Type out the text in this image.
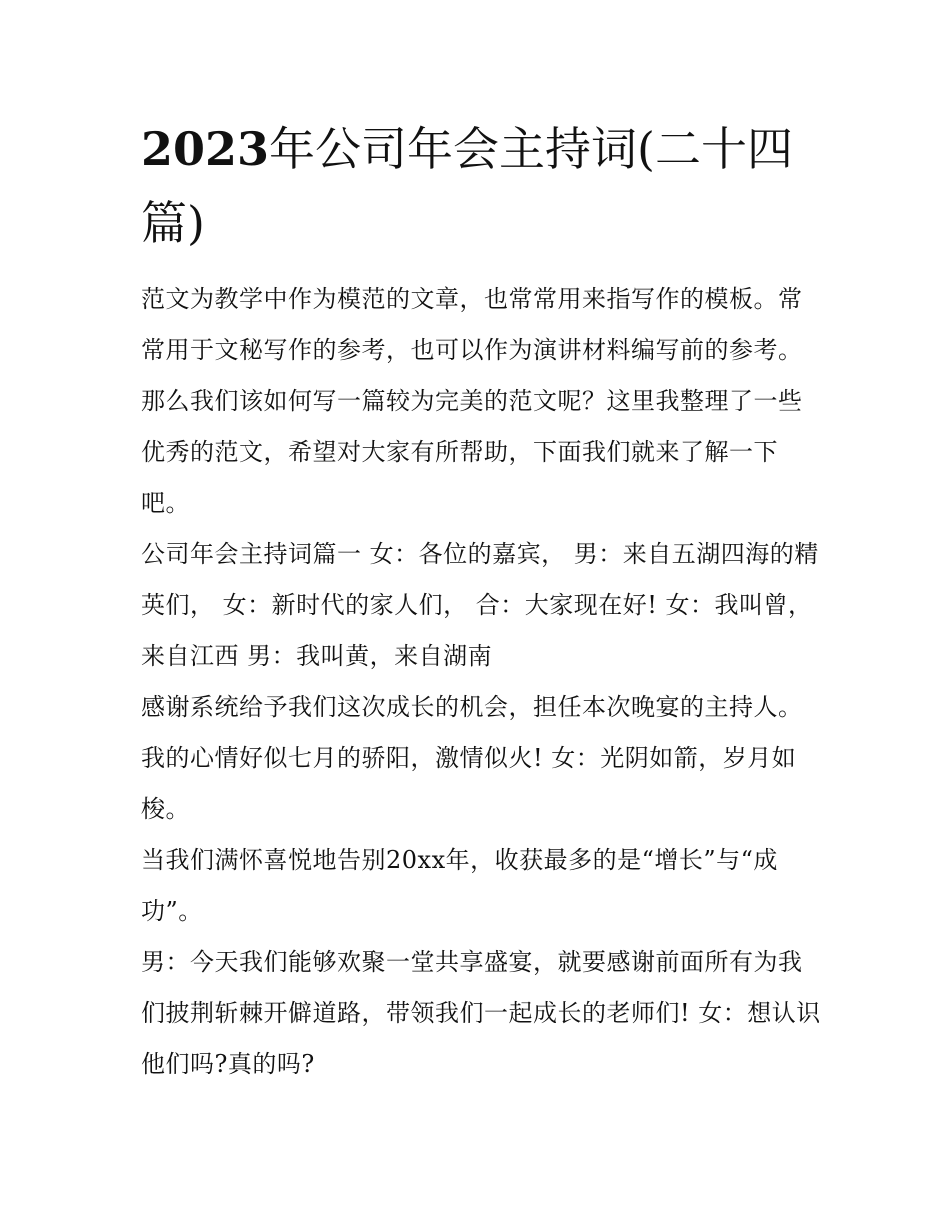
2023年公司年会主持词(二十四篇)

范文为教学中作为模范的文章，也常常用来指写作的模板。常常用于文秘写作的参考，也可以作为演讲材料编写前的参考。那么我们该如何写一篇较为完美的范文呢？这里我整理了一些优秀的范文，希望对大家有所帮助，下面我们就来了解一下吧。

公司年会主持词篇一 女：各位的嘉宾， 男：来自五湖四海的精英们， 女：新时代的家人们， 合：大家现在好! 女：我叫曾，来自江西 男：我叫黄，来自湖南

感谢系统给予我们这次成长的机会，担任本次晚宴的主持人。我的心情好似七月的骄阳，激情似火! 女：光阴如箭，岁月如梭。

当我们满怀喜悦地告别20xx年，收获最多的是“增长”与“成功”。

男：今天我们能够欢聚一堂共享盛宴，就要感谢前面所有为我们披荆斩棘开僻道路，带领我们一起成长的老师们! 女：想认识他们吗?真的吗?
